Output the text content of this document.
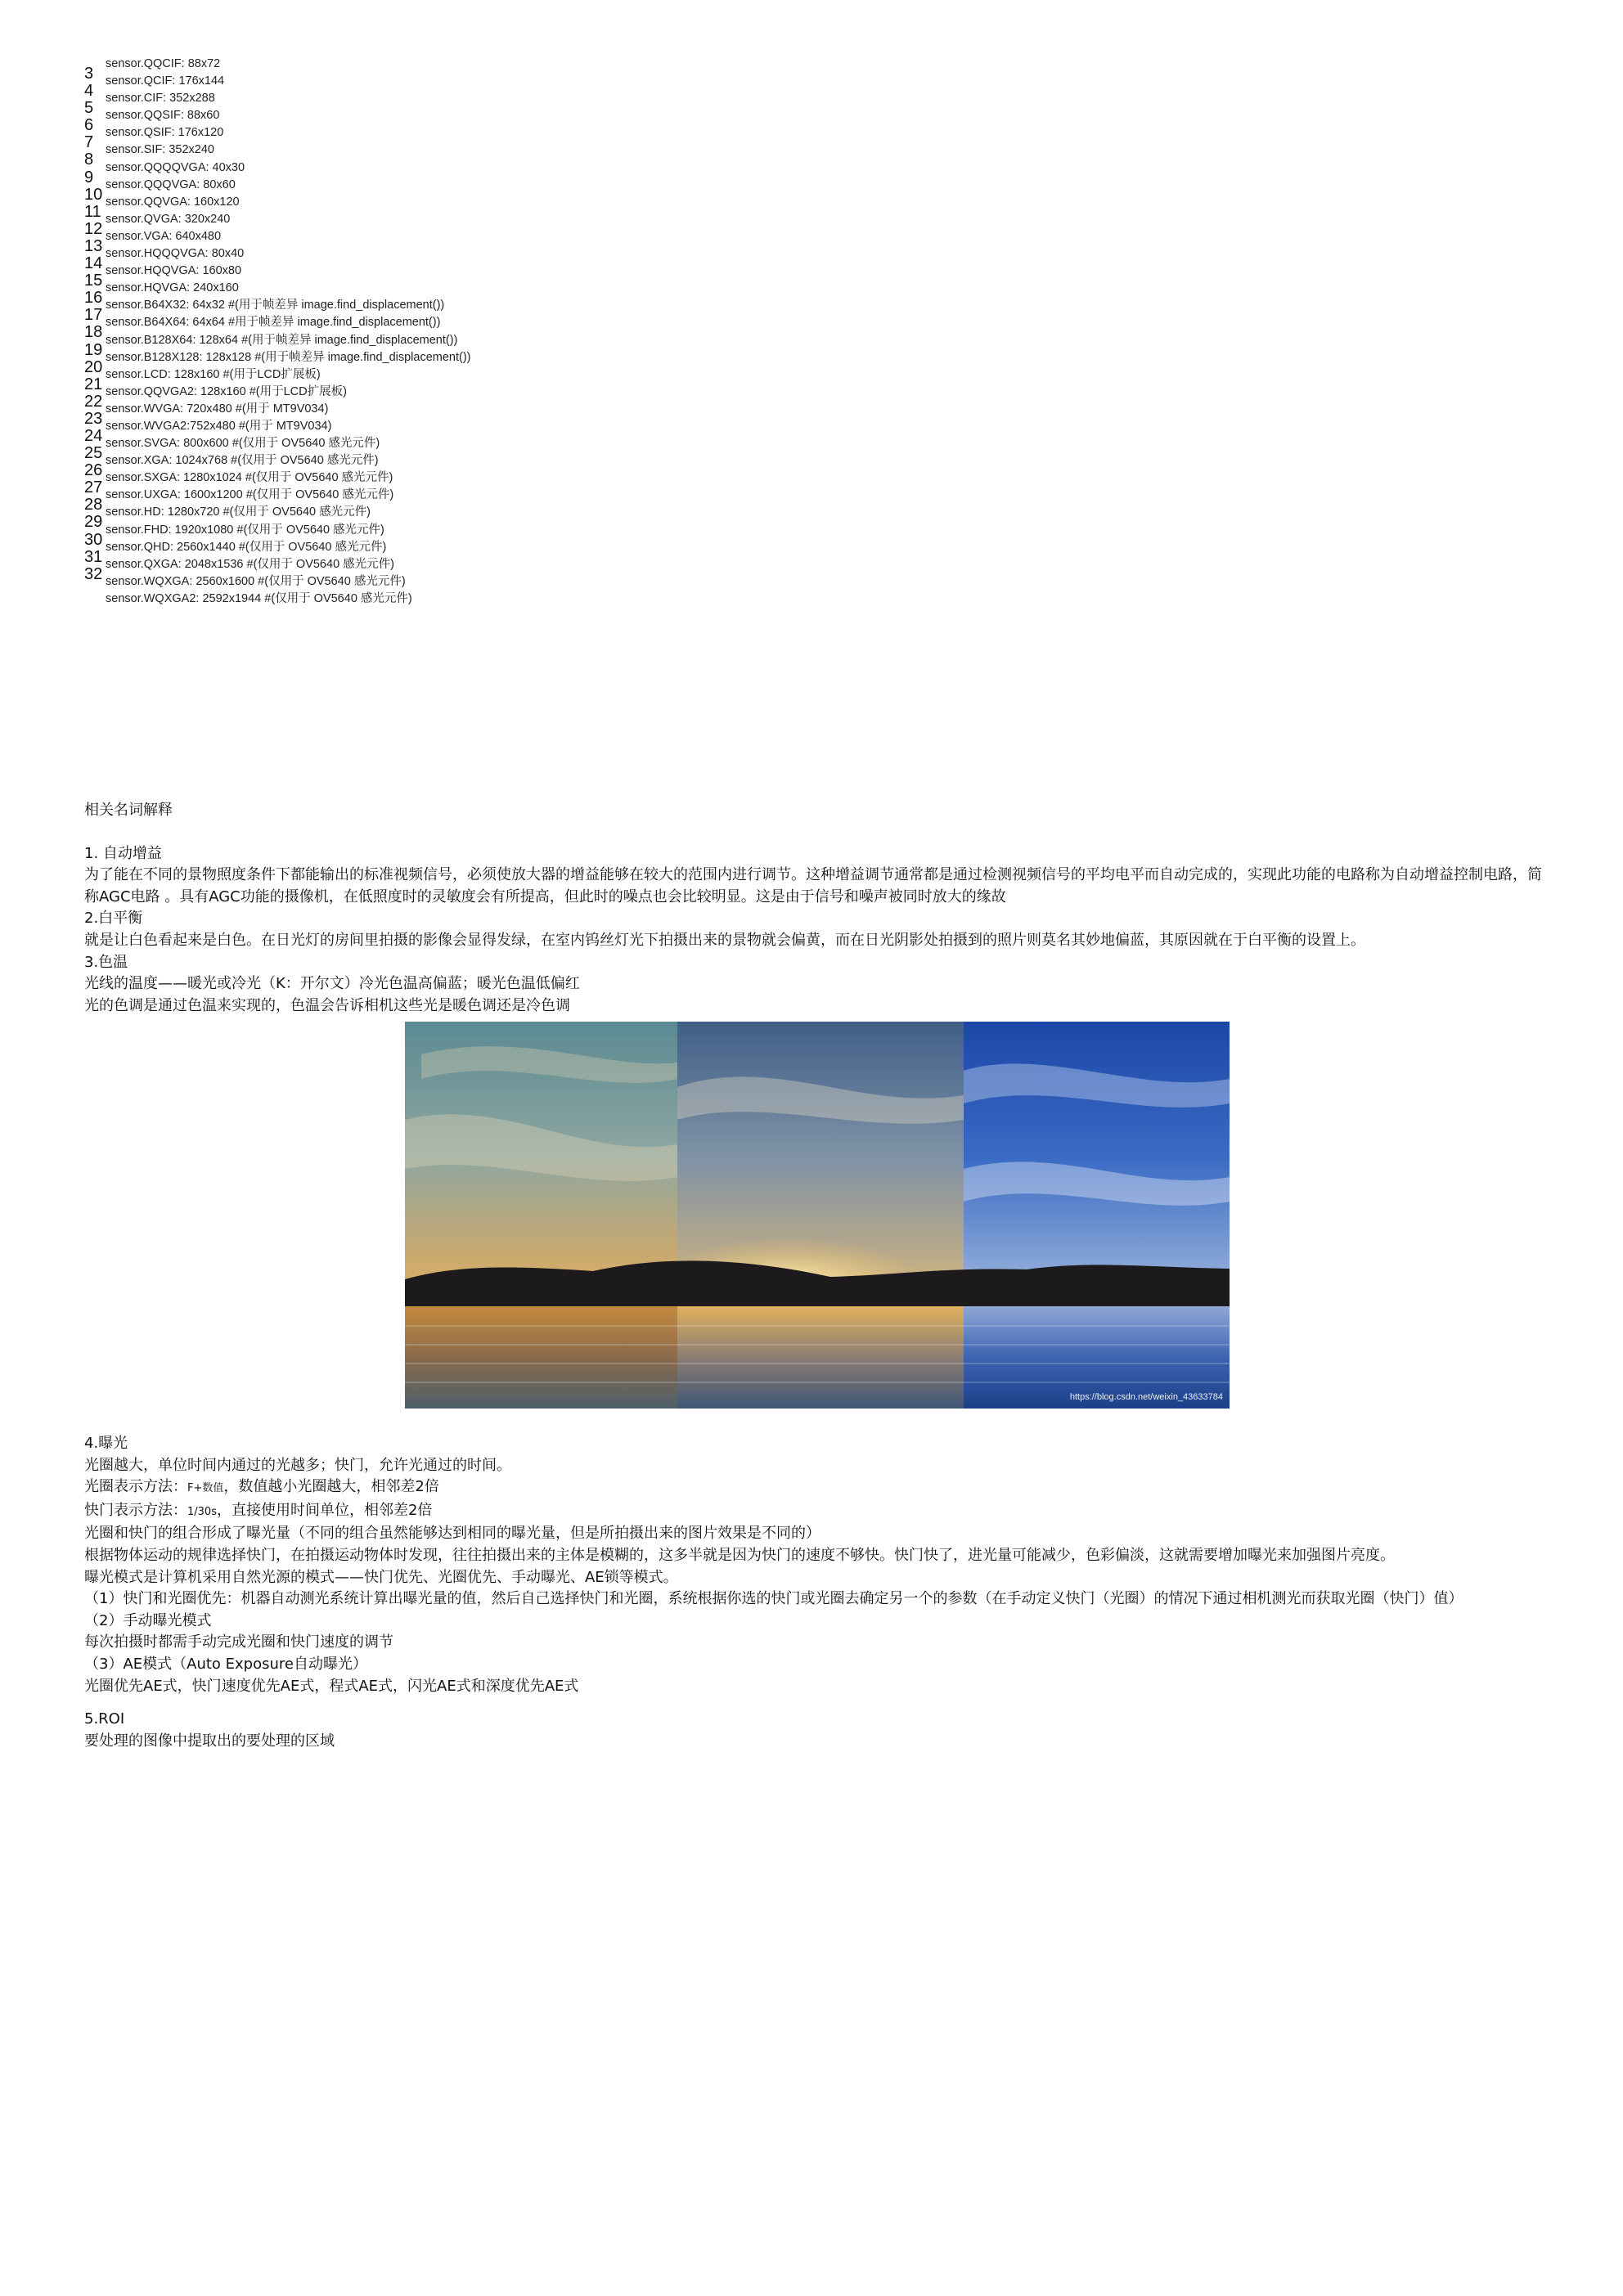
3
sensor.QQCIF: 88x72
4
sensor.QCIF: 176x144
5
sensor.CIF: 352x288
6
sensor.QQSIF: 88x60
7
sensor.QSIF: 176x120
8
sensor.SIF: 352x240
9
sensor.QQQQVGA: 40x30
10
sensor.QQQVGA: 80x60
11
sensor.QQVGA: 160x120
12
sensor.QVGA: 320x240
13
sensor.VGA: 640x480
14
sensor.HQQQVGA: 80x40
15
sensor.HQQVGA: 160x80
16
sensor.HQVGA: 240x160
17
sensor.B64X32: 64x32 #(用于帧差异 image.find_displacement())
18
sensor.B64X64: 64x64 #用于帧差异 image.find_displacement())
19
sensor.B128X64: 128x64 #(用于帧差异 image.find_displacement())
20
sensor.B128X128: 128x128 #(用于帧差异 image.find_displacement())
21
sensor.LCD: 128x160 #(用于LCD扩展板)
22
sensor.QQVGA2: 128x160 #(用于LCD扩展板)
23
sensor.WVGA: 720x480 #(用于 MT9V034)
24
sensor.WVGA2:752x480 #(用于 MT9V034)
25
sensor.SVGA: 800x600 #(仅用于 OV5640 感光元件)
26
sensor.XGA: 1024x768 #(仅用于 OV5640 感光元件)
27
sensor.SXGA: 1280x1024 #(仅用于 OV5640 感光元件)
28
sensor.UXGA: 1600x1200 #(仅用于 OV5640 感光元件)
29
sensor.HD: 1280x720 #(仅用于 OV5640 感光元件)
30
sensor.FHD: 1920x1080 #(仅用于 OV5640 感光元件)
31
sensor.QHD: 2560x1440 #(仅用于 OV5640 感光元件)
32
sensor.QXGA: 2048x1536 #(仅用于 OV5640 感光元件)
sensor.WQXGA: 2560x1600 #(仅用于 OV5640 感光元件)
sensor.WQXGA2: 2592x1944 #(仅用于 OV5640 感光元件)

相关名词解释

1. 自动增益

为了能在不同的景物照度条件下都能输出的标准视频信号，必须使放大器的增益能够在较大的范围内进行调节。这种增益调节通常都是通过检测视频信号的平均电平而自动完成的，实现此功能的电路称为自动增益控制电路，简称AGC电路 。具有AGC功能的摄像机，在低照度时的灵敏度会有所提高，但此时的噪点也会比较明显。这是由于信号和噪声被同时放大的缘故

2.白平衡

就是让白色看起来是白色。在日光灯的房间里拍摄的影像会显得发绿，在室内钨丝灯光下拍摄出来的景物就会偏黄，而在日光阴影处拍摄到的照片则莫名其妙地偏蓝，其原因就在于白平衡的设置上。

3.色温

光线的温度——暖光或冷光（K：开尔文）冷光色温高偏蓝；暖光色温低偏红

光的色调是通过色温来实现的，色温会告诉相机这些光是暖色调还是冷色调

https://blog.csdn.net/weixin_43633784

4.曝光

光圈越大，单位时间内通过的光越多；快门，允许光通过的时间。

光圈表示方法：F+数值，数值越小光圈越大，相邻差2倍

快门表示方法：1/30s，直接使用时间单位，相邻差2倍

光圈和快门的组合形成了曝光量（不同的组合虽然能够达到相同的曝光量，但是所拍摄出来的图片效果是不同的）

根据物体运动的规律选择快门，在拍摄运动物体时发现，往往拍摄出来的主体是模糊的，这多半就是因为快门的速度不够快。快门快了，进光量可能减少，色彩偏淡，这就需要增加曝光来加强图片亮度。

曝光模式是计算机采用自然光源的模式——快门优先、光圈优先、手动曝光、AE锁等模式。

（1）快门和光圈优先：机器自动测光系统计算出曝光量的值，然后自己选择快门和光圈，系统根据你选的快门或光圈去确定另一个的参数（在手动定义快门（光圈）的情况下通过相机测光而获取光圈（快门）值）

（2）手动曝光模式

每次拍摄时都需手动完成光圈和快门速度的调节

（3）AE模式（Auto Exposure自动曝光）

光圈优先AE式，快门速度优先AE式，程式AE式，闪光AE式和深度优先AE式

5.ROI

要处理的图像中提取出的要处理的区域
